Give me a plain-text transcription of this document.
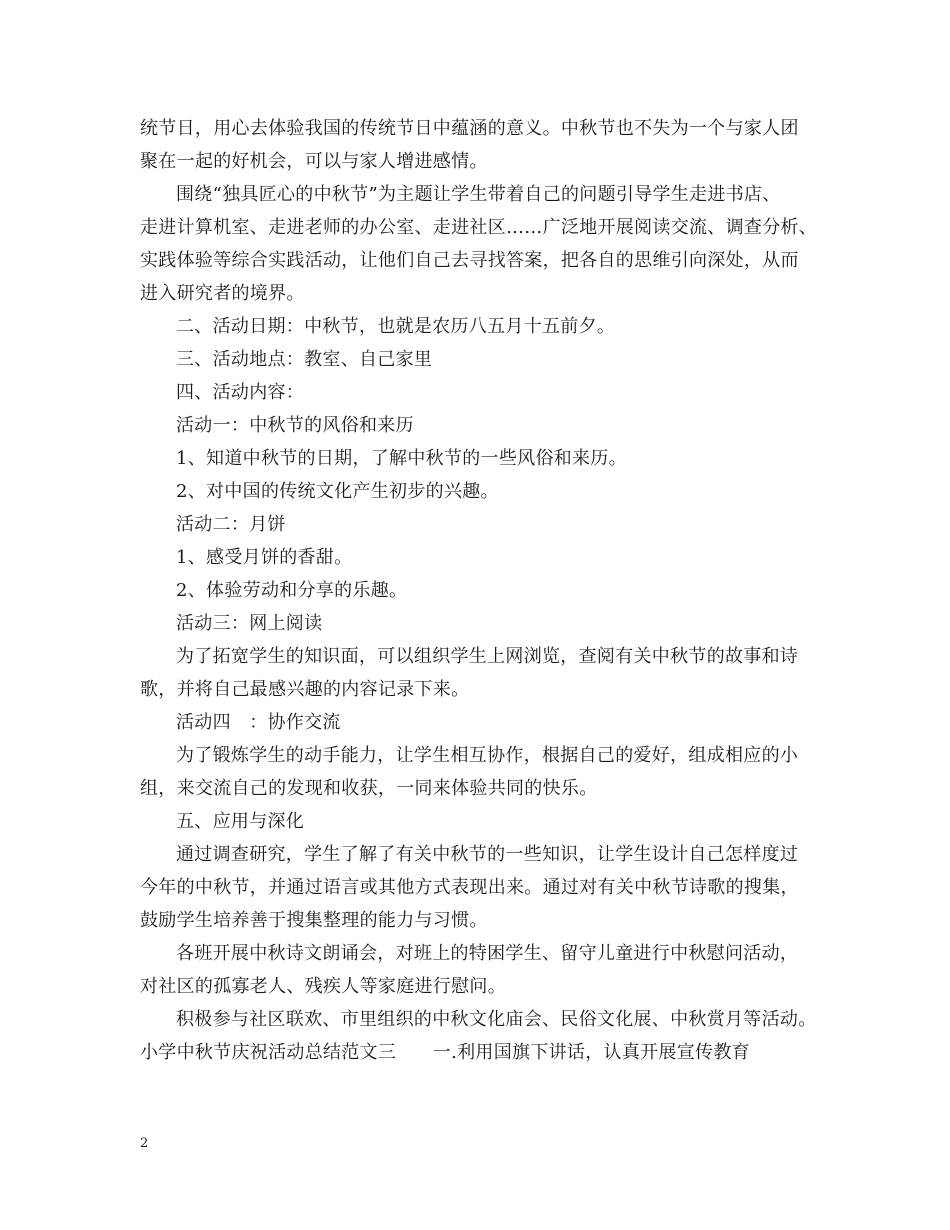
统节日，用心去体验我国的传统节日中蕴涵的意义。中秋节也不失为一个与家人团
聚在一起的好机会，可以与家人增进感情。
围绕“独具匠心的中秋节”为主题让学生带着自己的问题引导学生走进书店、
走进计算机室、走进老师的办公室、走进社区……广泛地开展阅读交流、调查分析、
实践体验等综合实践活动，让他们自己去寻找答案，把各自的思维引向深处，从而
进入研究者的境界。
二、活动日期：中秋节，也就是农历八五月十五前夕。
三、活动地点：教室、自己家里
四、活动内容：
活动一：中秋节的风俗和来历
1、知道中秋节的日期，了解中秋节的一些风俗和来历。
2、对中国的传统文化产生初步的兴趣。
活动二：月饼
1、感受月饼的香甜。
2、体验劳动和分享的乐趣。
活动三：网上阅读
为了拓宽学生的知识面，可以组织学生上网浏览，查阅有关中秋节的故事和诗
歌，并将自己最感兴趣的内容记录下来。
活动四　：协作交流
为了锻炼学生的动手能力，让学生相互协作，根据自己的爱好，组成相应的小
组，来交流自己的发现和收获，一同来体验共同的快乐。
五、应用与深化
通过调查研究，学生了解了有关中秋节的一些知识，让学生设计自己怎样度过
今年的中秋节，并通过语言或其他方式表现出来。通过对有关中秋节诗歌的搜集，
鼓励学生培养善于搜集整理的能力与习惯。
各班开展中秋诗文朗诵会，对班上的特困学生、留守儿童进行中秋慰问活动，
对社区的孤寡老人、残疾人等家庭进行慰问。
积极参与社区联欢、市里组织的中秋文化庙会、民俗文化展、中秋赏月等活动。
小学中秋节庆祝活动总结范文三　　一.利用国旗下讲话，认真开展宣传教育
2
